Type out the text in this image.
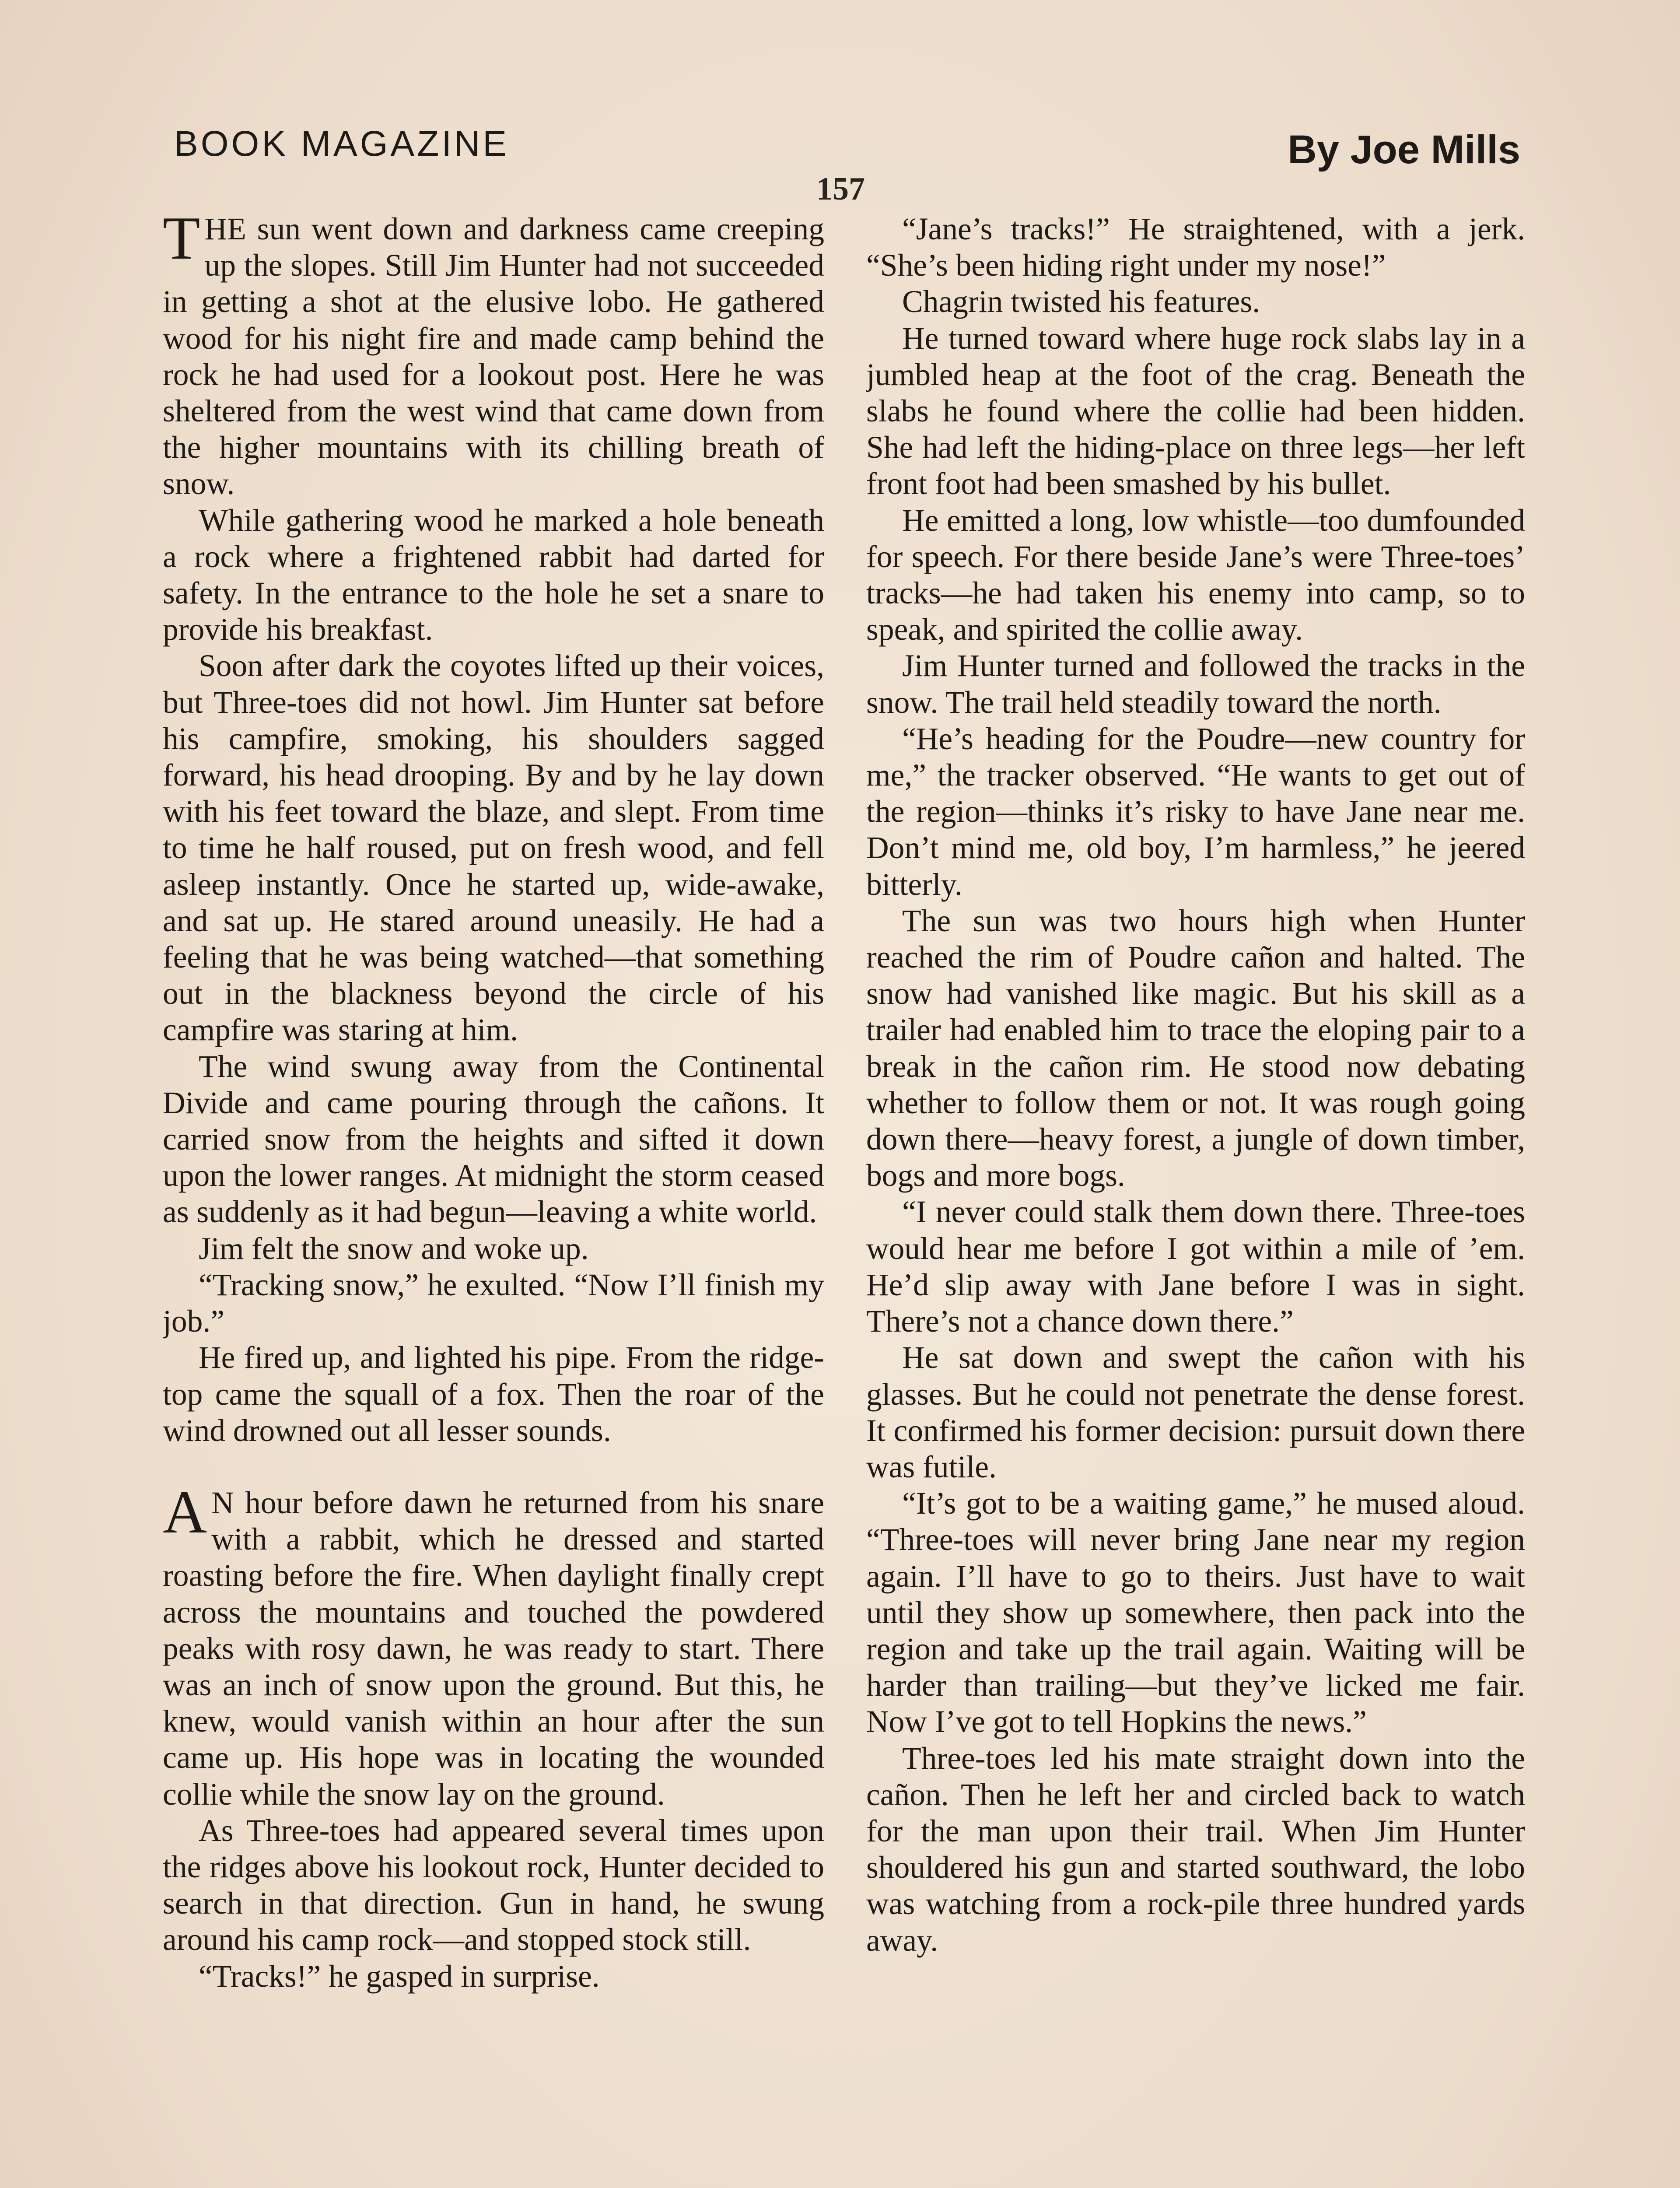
BOOK MAGAZINE	By Joe Mills
157

THE sun went down and darkness came creeping up the slopes. Still Jim Hunter had not succeeded in getting a shot at the elusive lobo. He gathered wood for his night fire and made camp behind the rock he had used for a lookout post. Here he was sheltered from the west wind that came down from the higher mountains with its chilling breath of snow.

While gathering wood he marked a hole beneath a rock where a frightened rabbit had darted for safety. In the entrance to the hole he set a snare to provide his breakfast.

Soon after dark the coyotes lifted up their voices, but Three-toes did not howl. Jim Hunter sat before his campfire, smoking, his shoulders sagged forward, his head drooping. By and by he lay down with his feet toward the blaze, and slept. From time to time he half roused, put on fresh wood, and fell asleep instantly. Once he started up, wide-awake, and sat up. He stared around uneasily. He had a feeling that he was being watched—that something out in the blackness beyond the circle of his campfire was staring at him.

The wind swung away from the Continental Divide and came pouring through the cañons. It carried snow from the heights and sifted it down upon the lower ranges. At midnight the storm ceased as suddenly as it had begun—leaving a white world.

Jim felt the snow and woke up.

“Tracking snow,” he exulted. “Now I’ll finish my job.”

He fired up, and lighted his pipe. From the ridge-top came the squall of a fox. Then the roar of the wind drowned out all lesser sounds.

A N hour before dawn he returned from his snare with a rabbit, which he dressed and started roasting before the fire. When daylight finally crept across the mountains and touched the powdered peaks with rosy dawn, he was ready to start. There was an inch of snow upon the ground. But this, he knew, would vanish within an hour after the sun came up. His hope was in locating the wounded collie while the snow lay on the ground.

As Three-toes had appeared several times upon the ridges above his lookout rock, Hunter decided to search in that direction. Gun in hand, he swung around his camp rock—and stopped stock still.

“Tracks!” he gasped in surprise.

“Jane’s tracks!” He straightened, with a jerk. “She’s been hiding right under my nose!”

Chagrin twisted his features.

He turned toward where huge rock slabs lay in a jumbled heap at the foot of the crag. Beneath the slabs he found where the collie had been hidden. She had left the hiding-place on three legs—her left front foot had been smashed by his bullet.

He emitted a long, low whistle—too dumfounded for speech. For there beside Jane’s were Three-toes’ tracks—he had taken his enemy into camp, so to speak, and spirited the collie away.

Jim Hunter turned and followed the tracks in the snow. The trail held steadily toward the north.

“He’s heading for the Poudre—new country for me,” the tracker observed. “He wants to get out of the region—thinks it’s risky to have Jane near me. Don’t mind me, old boy, I’m harmless,” he jeered bitterly.

The sun was two hours high when Hunter reached the rim of Poudre cañon and halted. The snow had vanished like magic. But his skill as a trailer had enabled him to trace the eloping pair to a break in the cañon rim. He stood now debating whether to follow them or not. It was rough going down there—heavy forest, a jungle of down timber, bogs and more bogs.

“I never could stalk them down there. Three-toes would hear me before I got within a mile of ’em. He’d slip away with Jane before I was in sight. There’s not a chance down there.”

He sat down and swept the cañon with his glasses. But he could not penetrate the dense forest. It confirmed his former decision: pursuit down there was futile.

“It’s got to be a waiting game,” he mused aloud. “Three-toes will never bring Jane near my region again. I’ll have to go to theirs. Just have to wait until they show up somewhere, then pack into the region and take up the trail again. Waiting will be harder than trailing—but they’ve licked me fair. Now I’ve got to tell Hopkins the news.”

Three-toes led his mate straight down into the cañon. Then he left her and circled back to watch for the man upon their trail. When Jim Hunter shouldered his gun and started southward, the lobo was watching from a rock-pile three hundred yards away.
